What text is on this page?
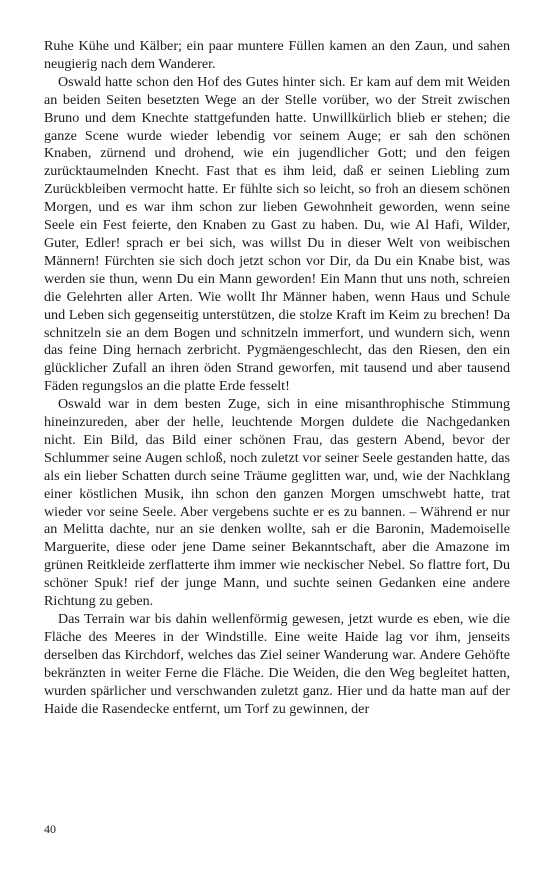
Ruhe Kühe und Kälber; ein paar muntere Füllen kamen an den Zaun, und sahen neugierig nach dem Wanderer.

Oswald hatte schon den Hof des Gutes hinter sich. Er kam auf dem mit Weiden an beiden Seiten besetzten Wege an der Stelle vorüber, wo der Streit zwischen Bruno und dem Knechte stattgefunden hatte. Unwillkürlich blieb er stehen; die ganze Scene wurde wieder lebendig vor seinem Auge; er sah den schönen Knaben, zürnend und drohend, wie ein jugendlicher Gott; und den feigen zurücktaumelnden Knecht. Fast that es ihm leid, daß er seinen Liebling zum Zurückbleiben vermocht hatte. Er fühlte sich so leicht, so froh an diesem schönen Morgen, und es war ihm schon zur lieben Gewohnheit geworden, wenn seine Seele ein Fest feierte, den Knaben zu Gast zu haben. Du, wie Al Hafi, Wilder, Guter, Edler! sprach er bei sich, was willst Du in dieser Welt von weibischen Männern! Fürchten sie sich doch jetzt schon vor Dir, da Du ein Knabe bist, was werden sie thun, wenn Du ein Mann geworden! Ein Mann thut uns noth, schreien die Gelehrten aller Arten. Wie wollt Ihr Männer haben, wenn Haus und Schule und Leben sich gegenseitig unterstützen, die stolze Kraft im Keim zu brechen! Da schnitzeln sie an dem Bogen und schnitzeln immerfort, und wundern sich, wenn das feine Ding hernach zerbricht. Pygmäengeschlecht, das den Riesen, den ein glücklicher Zufall an ihren öden Strand geworfen, mit tausend und aber tausend Fäden regungslos an die platte Erde fesselt!

Oswald war in dem besten Zuge, sich in eine misanthrophische Stimmung hineinzureden, aber der helle, leuchtende Morgen duldete die Nachgedanken nicht. Ein Bild, das Bild einer schönen Frau, das gestern Abend, bevor der Schlummer seine Augen schloß, noch zuletzt vor seiner Seele gestanden hatte, das als ein lieber Schatten durch seine Träume geglitten war, und, wie der Nachklang einer köstlichen Musik, ihn schon den ganzen Morgen umschwebt hatte, trat wieder vor seine Seele. Aber vergebens suchte er es zu bannen. – Während er nur an Melitta dachte, nur an sie denken wollte, sah er die Baronin, Mademoiselle Marguerite, diese oder jene Dame seiner Bekanntschaft, aber die Amazone im grünen Reitkleide zerflatterte ihm immer wie neckischer Nebel. So flattre fort, Du schöner Spuk! rief der junge Mann, und suchte seinen Gedanken eine andere Richtung zu geben.

Das Terrain war bis dahin wellenförmig gewesen, jetzt wurde es eben, wie die Fläche des Meeres in der Windstille. Eine weite Haide lag vor ihm, jenseits derselben das Kirchdorf, welches das Ziel seiner Wanderung war. Andere Gehöfte bekränzten in weiter Ferne die Fläche. Die Weiden, die den Weg begleitet hatten, wurden spärlicher und verschwanden zuletzt ganz. Hier und da hatte man auf der Haide die Rasendecke entfernt, um Torf zu gewinnen, der

40
